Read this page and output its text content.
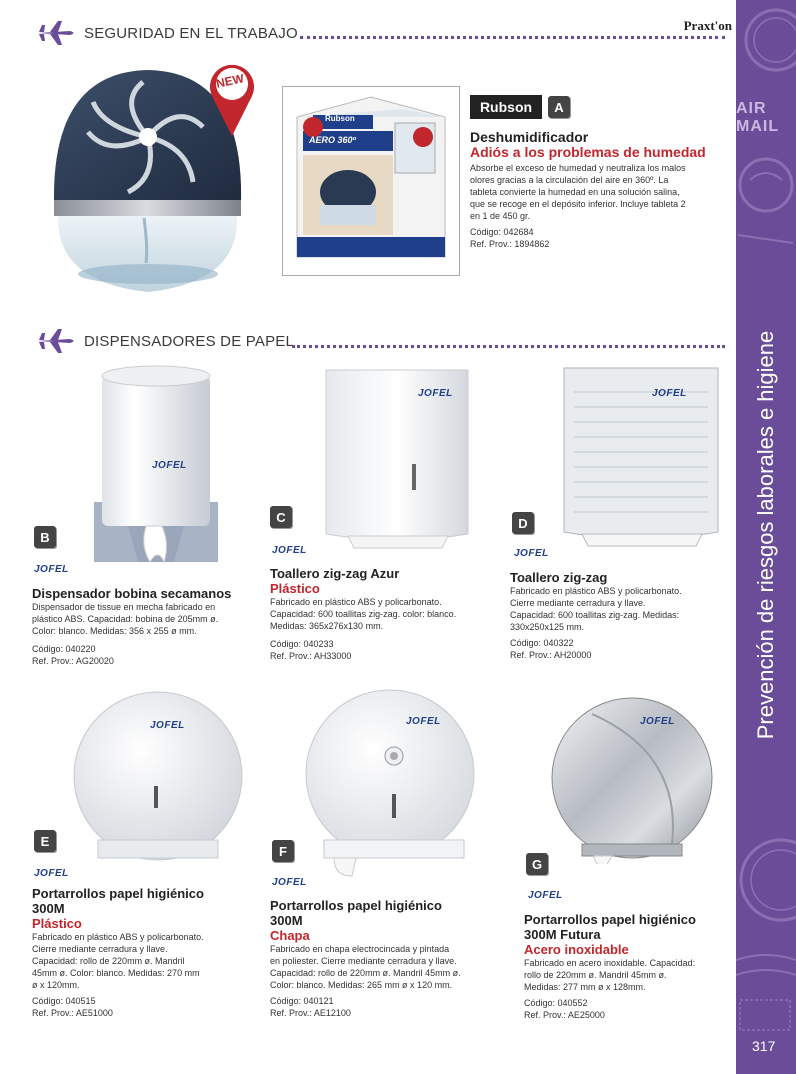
AIR MAIL
Prevención de riesgos laborales e higiene
317
Praxt'on
SEGURIDAD EN EL TRABAJO
NEW
Rubson
AERO 360º
Rubson	A
Deshumidificador
Adiós a los problemas de humedad
Absorbe el exceso de humedad y neutraliza los malos
olores gracias a la circulación del aire en 360º. La
tableta convierte la humedad en una solución salina,
que se recoge en el depósito inferior. Incluye tableta 2
en 1 de 450 gr.
Código: 042684
Ref. Prov.: 1894862
DISPENSADORES DE PAPEL
JOFEL
JOFEL	JOFEL
B
JOFEL
C
JOFEL
D
JOFEL
Dispensador bobina secamanos
Dispensador de tissue en mecha fabricado en
plástico ABS. Capacidad: bobina de 205mm ø.
Color: blanco. Medidas: 356 x 255 ø mm.
Código: 040220
Ref. Prov.: AG20020
Toallero zig-zag Azur
Plástico
Fabricado en plástico ABS y policarbonato.
Capacidad: 600 toallitas zig-zag. color: blanco.
Medidas: 365x276x130 mm.
Código: 040233
Ref. Prov.: AH33000
Toallero zig-zag
Fabricado en plástico ABS y policarbonato.
Cierre mediante cerradura y llave.
Capacidad: 600 toallitas zig-zag. Medidas:
330x250x125 mm.
Código: 040322
Ref. Prov.: AH20000
JOFEL	JOFEL	JOFEL
E
JOFEL
F
JOFEL
G
JOFEL
Portarrollos papel higiénico
300M
Plástico
Fabricado en plástico ABS y policarbonato.
Cierre mediante cerradura y llave.
Capacidad: rollo de 220mm ø. Mandril
45mm ø. Color: blanco. Medidas: 270 mm
ø x 120mm.
Código: 040515
Ref. Prov.: AE51000
Portarrollos papel higiénico
300M
Chapa
Fabricado en chapa electrocincada y pintada
en poliester. Cierre mediante cerradura y llave.
Capacidad: rollo de 220mm ø. Mandril 45mm ø.
Color: blanco. Medidas: 265 mm ø x 120 mm.
Código: 040121
Ref. Prov.: AE12100
Portarrollos papel higiénico
300M Futura
Acero inoxidable
Fabricado en acero inoxidable. Capacidad:
rollo de 220mm ø. Mandril 45mm ø.
Medidas: 277 mm ø x 128mm.
Código: 040552
Ref. Prov.: AE25000
